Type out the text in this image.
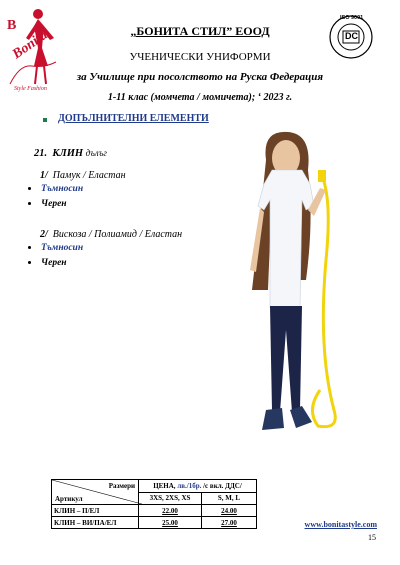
B
Bonita
Style Fashion
ISO 9001
DC
„БОНИТА СТИЛ” ЕООД
УЧЕНИЧЕСКИ УНИФОРМИ
за Училище при посолството на Руска Федерация
1-11 клас (момчета / момичета); ‘ 2023 г.
ДОПЪЛНИТЕЛНИ ЕЛЕМЕНТИ
21. КЛИН дълъг
1/ Памук / Еластан
Тъмносин
Черен
2/ Вискоза / Полиамид / Еластан
Тъмносин
Черен
Размери
Артикул	ЦЕНА, лв./1бр. /с вкл. ДДС/	
	3XS, 2XS, XS	S, M, L
КЛИН – П/ЕЛ	22.00	24.00
КЛИН – ВИ/ПА/ЕЛ	25.00	27.00	www.bonitastyle.com
15
